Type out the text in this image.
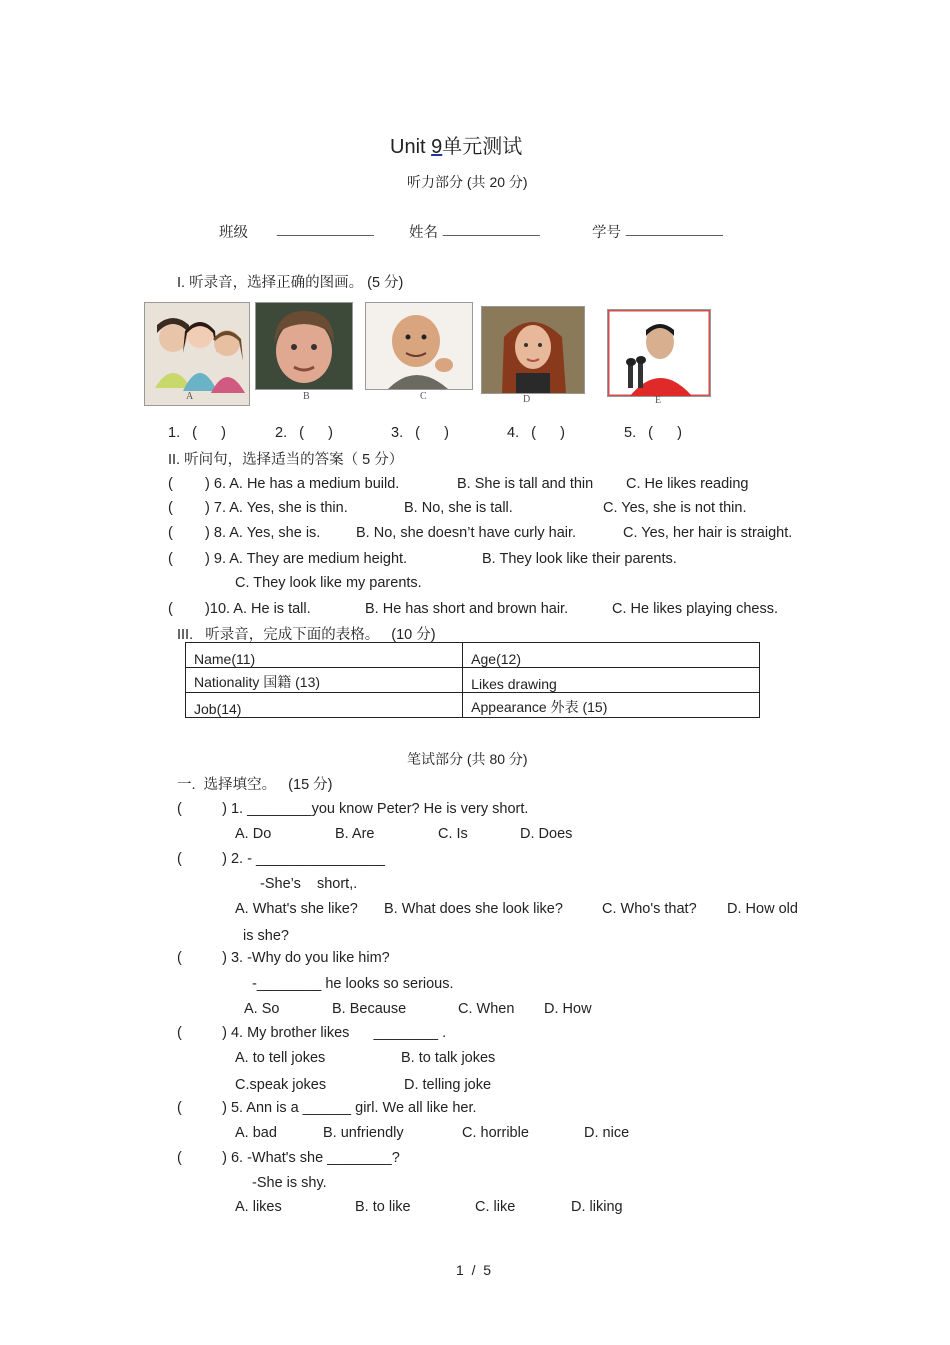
Unit 9单元测试
听力部分 (共 20 分)
班级 ____________ 姓名 ____________	学号 ____________
I. 听录音，选择正确的图画。 (5 分)
A	B	C	D	E
1.   (      )	2.   (      )	3.   (      )	4.   (      )	5.   (      )
II. 听问句，选择适当的答案（ 5 分）
(        ) 6. A. He has a medium build.	B. She is tall and thin C. He likes reading
(        ) 7. A. Yes, she is thin.	B. No, she is tall.	C. Yes, she is not thin.
(        ) 8. A. Yes, she is. B. No, she doesn’t have curly hair.	C. Yes, her hair is straight.
(        ) 9. A. They are medium height.	B. They look like their parents.
C. They look like my parents.
(        )10. A. He is tall.	B. He has short and brown hair.	C. He likes playing chess.
III.   听录音，完成下面的表格。   (10 分)
Name(11)	Age(12)
Nationality 国籍 (13)	Likes drawing
Job(14)	Appearance 外表 (15)
笔试部分 (共 80 分)
一.  选择填空。   (15 分)
(          ) 1. ________you know Peter? He is very short.
A. Do	B. Are	C. Is	D. Does
(          ) 2. - ________________
-She’s    short,.
A. What's she like? B. What does she look like?	C. Who's that? D. How old
is she?
(          ) 3. -Why do you like him?
-________ he looks so serious.
A. So	B. Because	C. When D. How
(          ) 4. My brother likes      ________ .
A. to tell jokes	B. to talk jokes
C.speak jokes	D. telling joke
(          ) 5. Ann is a ______ girl. We all like her.
A. bad	B. unfriendly	C. horrible	D. nice
(          ) 6. -What's she ________?
-She is shy.
A. likes	B. to like	C. like	D. liking
1  /  5
